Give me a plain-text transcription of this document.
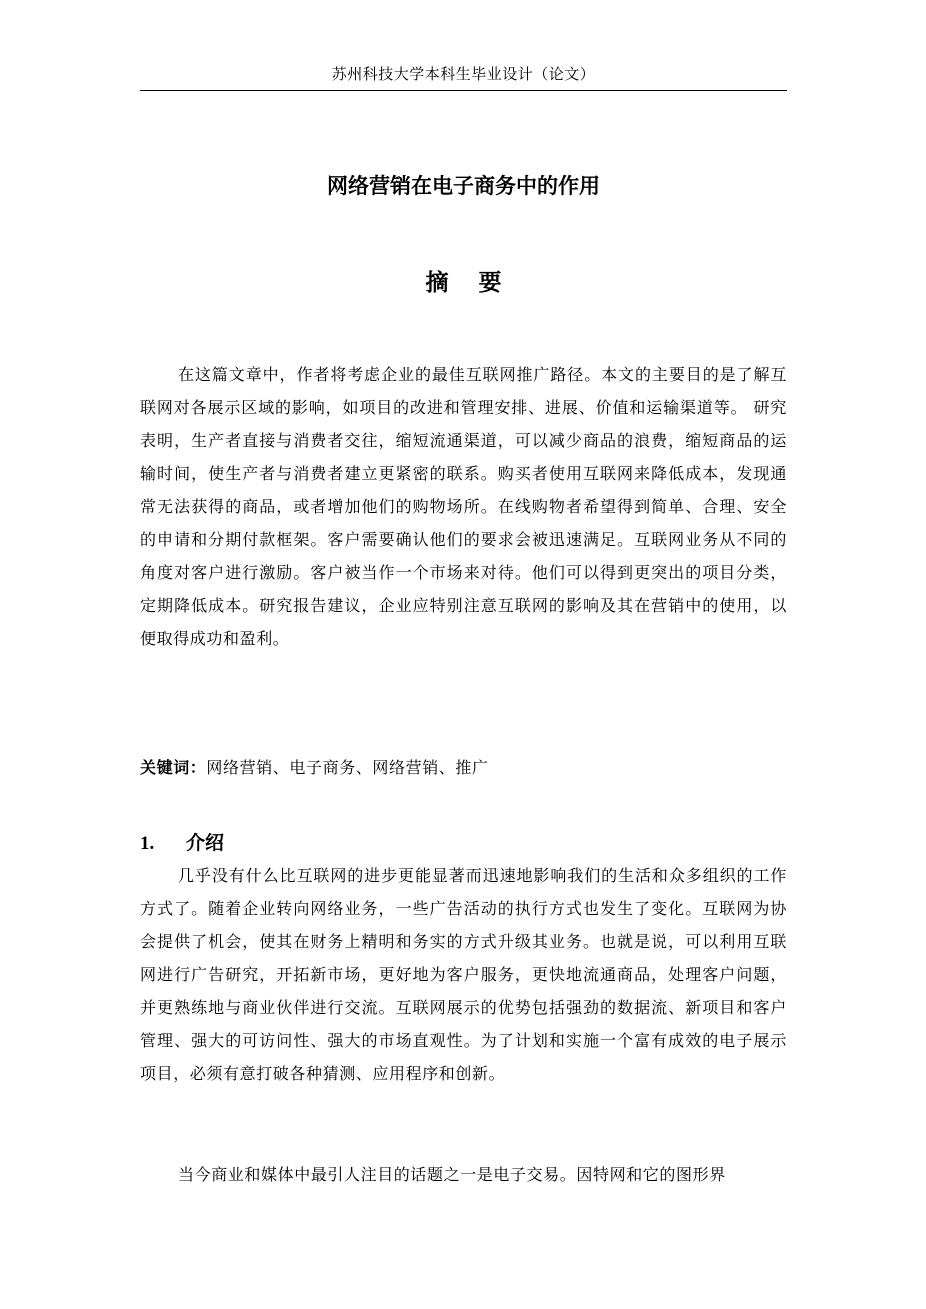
苏州科技大学本科生毕业设计（论文）
网络营销在电子商务中的作用
摘要

在这篇文章中，作者将考虑企业的最佳互联网推广路径。本文的主要目的是了解互联网对各展示区域的影响，如项目的改进和管理安排、进展、价值和运输渠道等。 研究表明，生产者直接与消费者交往，缩短流通渠道，可以减少商品的浪费，缩短商品的运输时间，使生产者与消费者建立更紧密的联系。购买者使用互联网来降低成本，发现通常无法获得的商品，或者增加他们的购物场所。在线购物者希望得到简单、合理、安全的申请和分期付款框架。客户需要确认他们的要求会被迅速满足。互联网业务从不同的角度对客户进行激励。客户被当作一个市场来对待。他们可以得到更突出的项目分类，定期降低成本。研究报告建议，企业应特别注意互联网的影响及其在营销中的使用，以便取得成功和盈利。

关键词：网络营销、电子商务、网络营销、推广
1. 介绍

几乎没有什么比互联网的进步更能显著而迅速地影响我们的生活和众多组织的工作方式了。随着企业转向网络业务，一些广告活动的执行方式也发生了变化。互联网为协会提供了机会，使其在财务上精明和务实的方式升级其业务。也就是说，可以利用互联网进行广告研究，开拓新市场，更好地为客户服务，更快地流通商品，处理客户问题，并更熟练地与商业伙伴进行交流。互联网展示的优势包括强劲的数据流、新项目和客户管理、强大的可访问性、强大的市场直观性。为了计划和实施一个富有成效的电子展示项目，必须有意打破各种猜测、应用程序和创新。

当今商业和媒体中最引人注目的话题之一是电子交易。因特网和它的图形界
